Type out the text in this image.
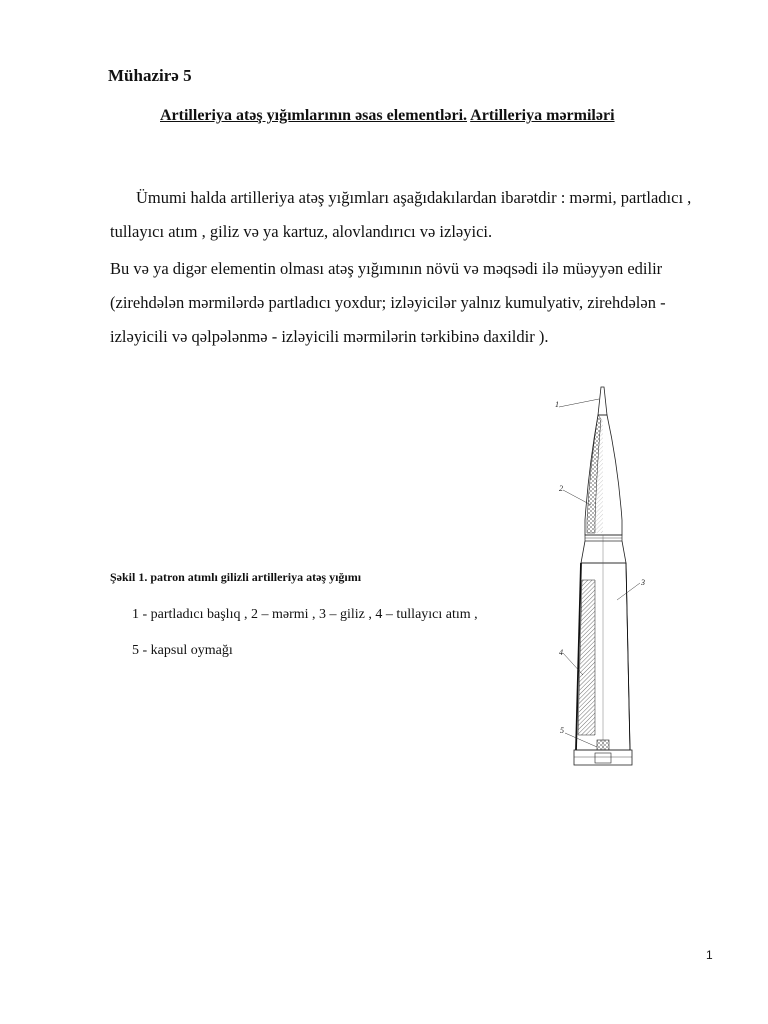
Mühazirə 5
Artilleriya atəş yığımlarının əsas elementləri. Artilleriya mərmiləri
Ümumi halda artilleriya atəş yığımları aşağıdakılardan ibarətdir : mərmi, partladıcı , tullayıcı atım , giliz və ya kartuz, alovlandırıcı və izləyici.
Bu və ya digər elementin olması atəş yığımının növü və məqsədi ilə müəyyən edilir (zirehdələn mərmilərdə partladıcı yoxdur; izləyicilər yalnız kumulyativ, zirehdələn - izləyicili və qəlpələnmə - izləyicili mərmilərin tərkibinə daxildir ).
Şəkil 1. patron atımlı gilizli artilleriya atəş yığımı
1 - partladıcı başlıq , 2 – mərmi , 3 – giliz , 4 – tullayıcı atım ,
5 - kapsul oymağı
1
2
3
4
5
1
